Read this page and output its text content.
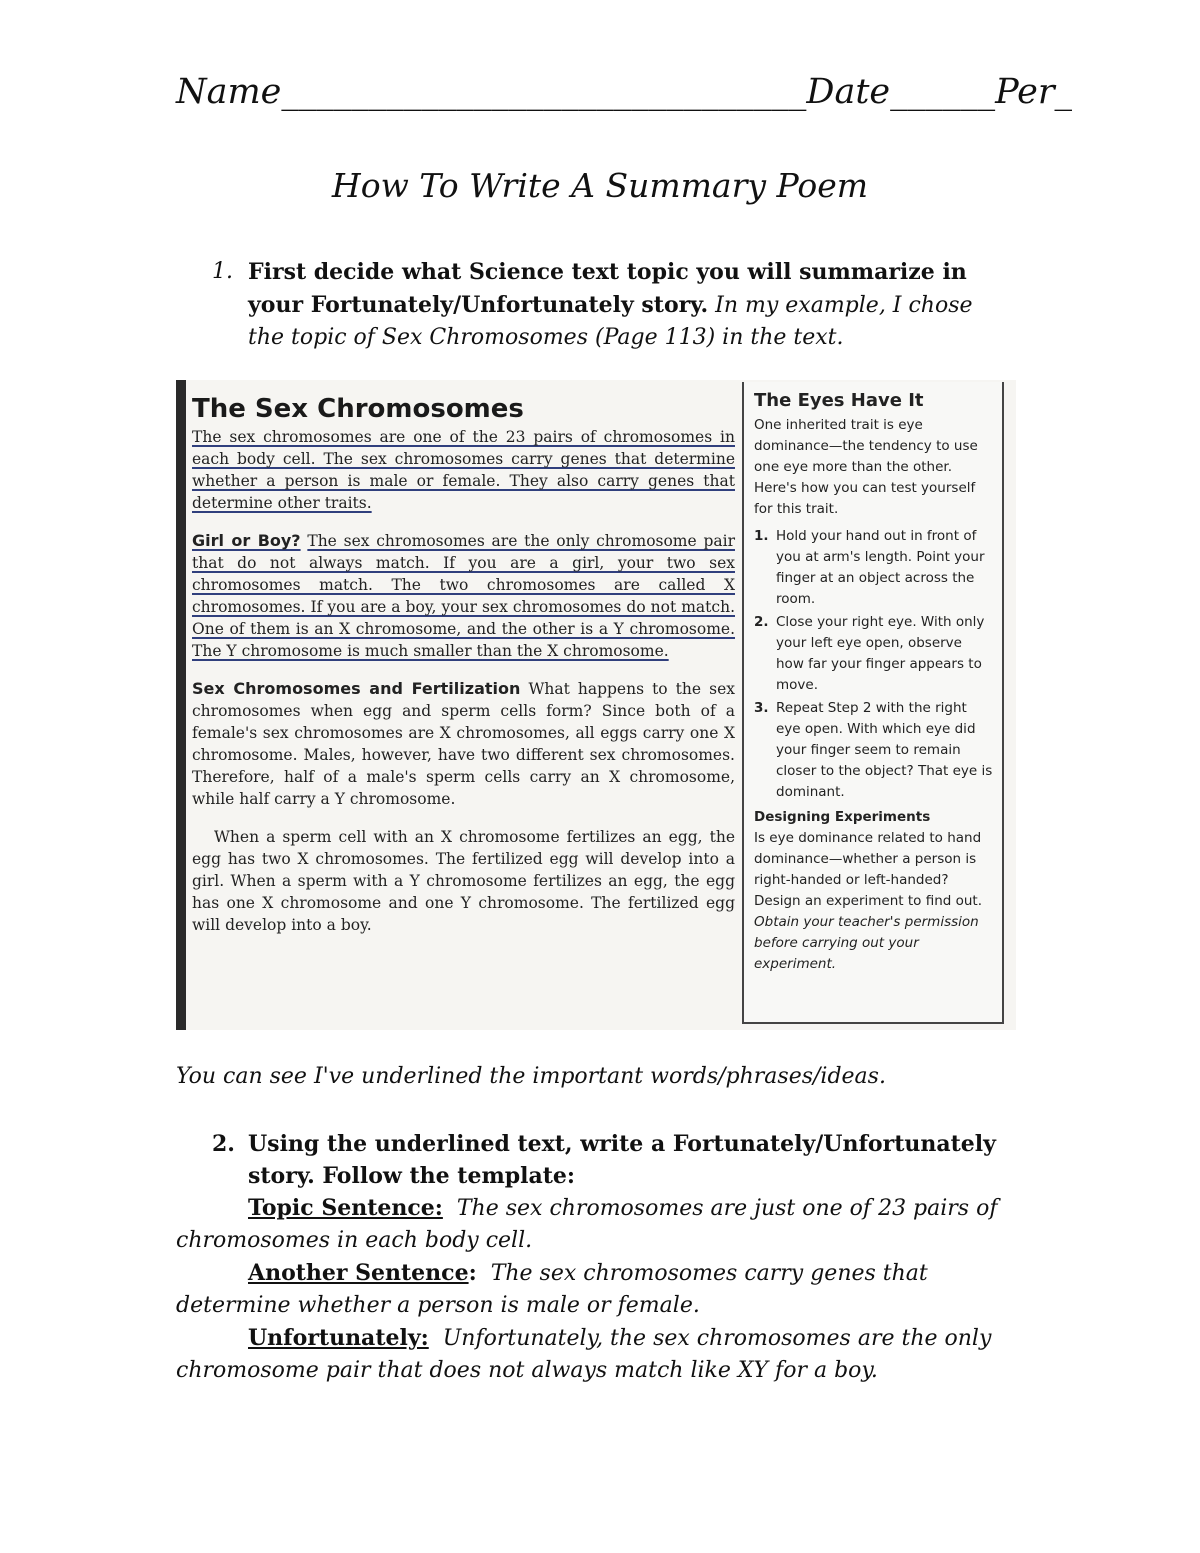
Name______________________________Date______Per_
How To Write A Summary Poem
1. First decide what Science text topic you will summarize in your Fortunately/Unfortunately story. In my example, I chose the topic of Sex Chromosomes (Page 113) in the text.
The Sex Chromosomes

The sex chromosomes are one of the 23 pairs of chromosomes in each body cell. The sex chromosomes carry genes that determine whether a person is male or female. They also carry genes that determine other traits.

Girl or Boy? The sex chromosomes are the only chromosome pair that do not always match. If you are a girl, your two sex chromosomes match. The two chromosomes are called X chromosomes. If you are a boy, your sex chromosomes do not match. One of them is an X chromosome, and the other is a Y chromosome. The Y chromosome is much smaller than the X chromosome.

Sex Chromosomes and Fertilization What happens to the sex chromosomes when egg and sperm cells form? Since both of a female's sex chromosomes are X chromosomes, all eggs carry one X chromosome. Males, however, have two different sex chromosomes. Therefore, half of a male's sperm cells carry an X chromosome, while half carry a Y chromosome.

When a sperm cell with an X chromosome fertilizes an egg, the egg has two X chromosomes. The fertilized egg will develop into a girl. When a sperm with a Y chromosome fertilizes an egg, the egg has one X chromosome and one Y chromosome. The fertilized egg will develop into a boy.

The Eyes Have It
One inherited trait is eye dominance—the tendency to use one eye more than the other. Here's how you can test yourself for this trait.
1. Hold your hand out in front of you at arm's length. Point your finger at an object across the room.
2. Close your right eye. With only your left eye open, observe how far your finger appears to move.
3. Repeat Step 2 with the right eye open. With which eye did your finger seem to remain closer to the object? That eye is dominant.
Designing Experiments
Is eye dominance related to hand dominance—whether a person is right-handed or left-handed? Design an experiment to find out.
Obtain your teacher's permission before carrying out your experiment.
You can see I've underlined the important words/phrases/ideas.
2. Using the underlined text, write a Fortunately/Unfortunately story. Follow the template:
Topic Sentence: The sex chromosomes are just one of 23 pairs of chromosomes in each body cell.
Another Sentence: The sex chromosomes carry genes that determine whether a person is male or female.
Unfortunately: Unfortunately, the sex chromosomes are the only chromosome pair that does not always match like XY for a boy.
